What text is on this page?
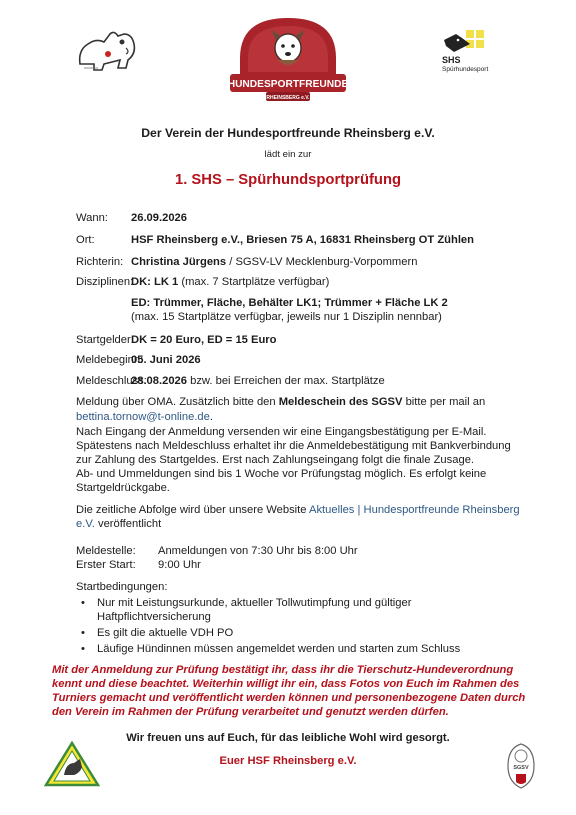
HUNDESPORTFREUNDE
RHEINSBERG e.V.
SHS
Spürhundesport
Der Verein der Hundesportfreunde Rheinsberg e.V.
lädt ein zur
1. SHS – Spürhundsportprüfung
Wann: 26.09.2026
Ort:	HSF Rheinsberg e.V., Briesen 75 A, 16831 Rheinsberg OT Zühlen
Richterin: Christina Jürgens / SGSV-LV Mecklenburg-Vorpommern
Disziplinen:
DK: LK 1 (max. 7 Startplätze verfügbar)
ED: Trümmer, Fläche, Behälter LK1; Trümmer + Fläche LK 2
(max. 15 Startplätze verfügbar, jeweils nur 1 Disziplin nennbar)
Startgelder:
DK = 20 Euro, ED = 15 Euro
Meldebeginn:
05. Juni 2026
Meldeschluss:
28.08.2026 bzw. bei Erreichen der max. Startplätze
Meldung über OMA. Zusätzlich bitte den Meldeschein des SGSV bitte per mail an
bettina.tornow@t-online.de.
Nach Eingang der Anmeldung versenden wir eine Eingangsbestätigung per E-Mail.
Spätestens nach Meldeschluss erhaltet ihr die Anmeldebestätigung mit Bankverbindung
zur Zahlung des Startgeldes. Erst nach Zahlungseingang folgt die finale Zusage.
Ab- und Ummeldungen sind bis 1 Woche vor Prüfungstag möglich. Es erfolgt keine
Startgeldrückgabe.
Die zeitliche Abfolge wird über unsere Website Aktuelles | Hundesportfreunde Rheinsberg
e.V. veröffentlicht
Meldestelle: Anmeldungen von 7:30 Uhr bis 8:00 Uhr
Erster Start: 9:00 Uhr
Startbedingungen:
• Nur mit Leistungsurkunde, aktueller Tollwutimpfung und gültiger
Haftpflichtversicherung
• Es gilt die aktuelle VDH PO
• Läufige Hündinnen müssen angemeldet werden und starten zum Schluss
Mit der Anmeldung zur Prüfung bestätigt ihr, dass ihr die Tierschutz-Hundeverordnung
kennt und diese beachtet. Weiterhin willigt ihr ein, dass Fotos von Euch im Rahmen des
Turniers gemacht und veröffentlicht werden können und personenbezogene Daten durch
den Verein im Rahmen der Prüfung verarbeitet und genutzt werden dürfen.
Wir freuen uns auf Euch, für das leibliche Wohl wird gesorgt.
Euer HSF Rheinsberg e.V.
SGSV
